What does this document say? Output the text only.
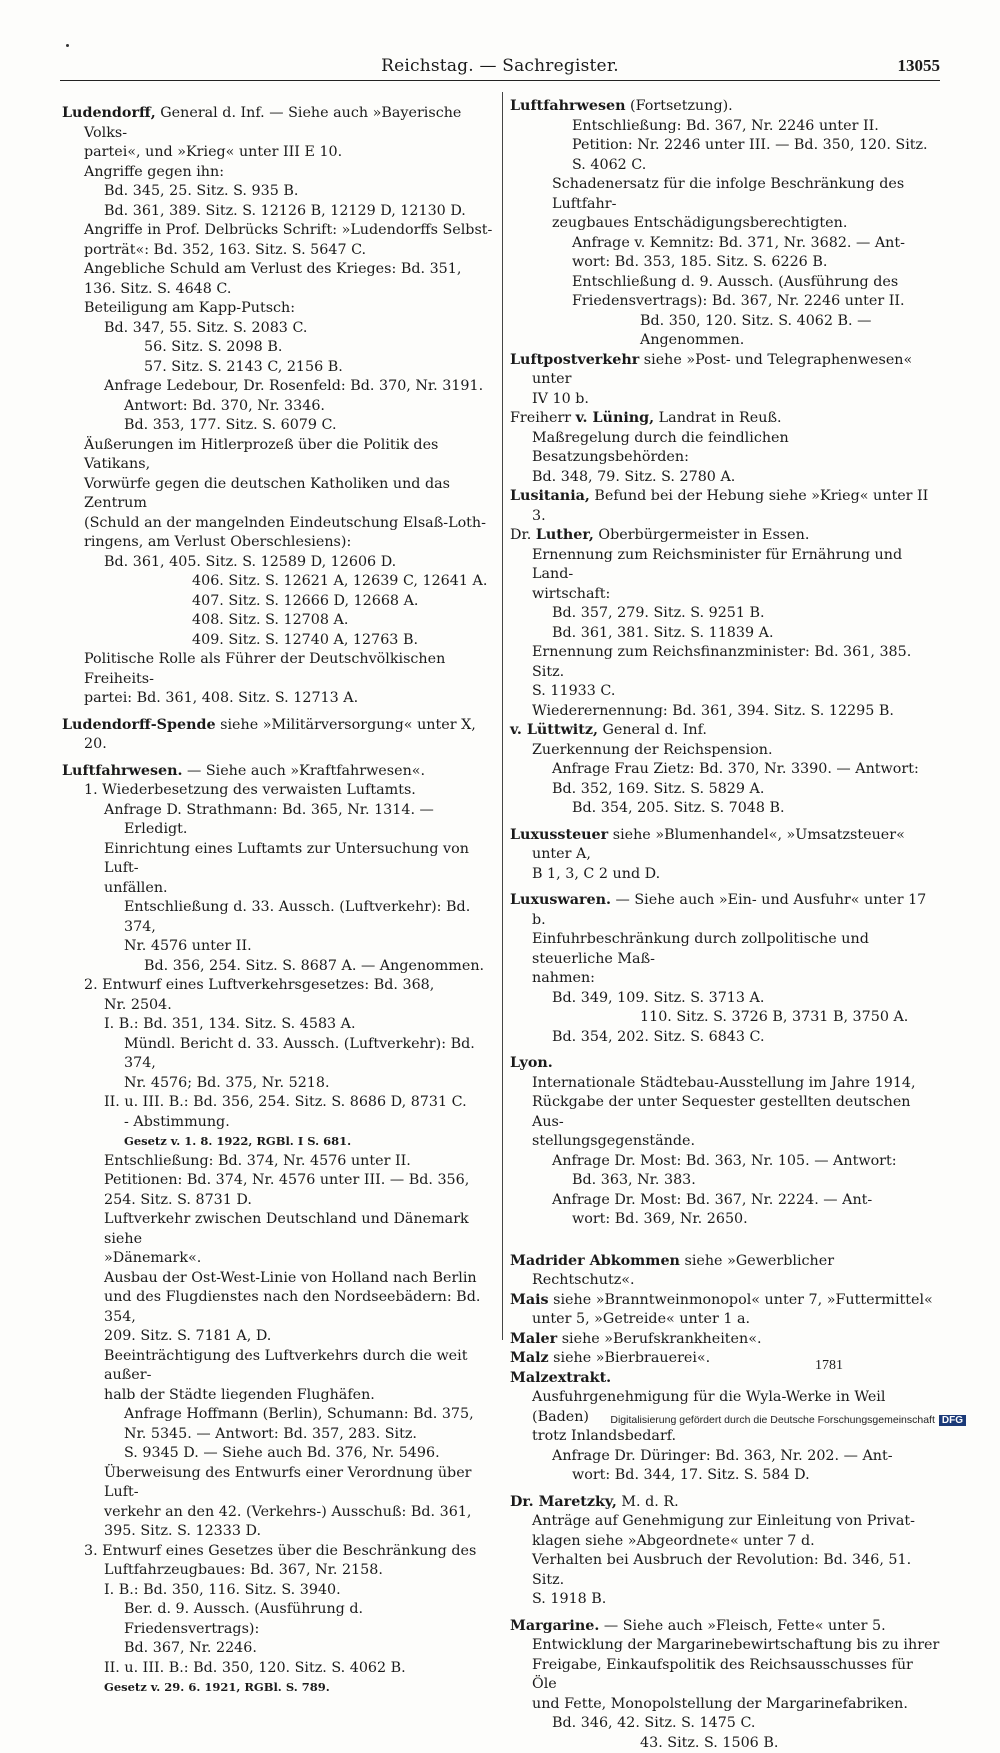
Reichstag. — Sachregister.	13055

Ludendorff, General d. Inf. — Siehe auch »Bayerische Volks-

partei«, und »Krieg« unter III E 10.

Angriffe gegen ihn:

Bd. 345, 25. Sitz. S. 935 B.

Bd. 361, 389. Sitz. S. 12126 B, 12129 D, 12130 D.

Angriffe in Prof. Delbrücks Schrift: »Ludendorffs Selbst-

porträt«: Bd. 352, 163. Sitz. S. 5647 C.

Angebliche Schuld am Verlust des Krieges: Bd. 351,

136. Sitz. S. 4648 C.

Beteiligung am Kapp-Putsch:

Bd. 347, 55. Sitz. S. 2083 C.

56. Sitz. S. 2098 B.

57. Sitz. S. 2143 C, 2156 B.

Anfrage Ledebour, Dr. Rosenfeld: Bd. 370, Nr. 3191.

Antwort: Bd. 370, Nr. 3346.

Bd. 353, 177. Sitz. S. 6079 C.

Äußerungen im Hitlerprozeß über die Politik des Vatikans,

Vorwürfe gegen die deutschen Katholiken und das Zentrum

(Schuld an der mangelnden Eindeutschung Elsaß-Loth-

ringens, am Verlust Oberschlesiens):

Bd. 361, 405. Sitz. S. 12589 D, 12606 D.

406. Sitz. S. 12621 A, 12639 C, 12641 A.

407. Sitz. S. 12666 D, 12668 A.

408. Sitz. S. 12708 A.

409. Sitz. S. 12740 A, 12763 B.

Politische Rolle als Führer der Deutschvölkischen Freiheits-

partei: Bd. 361, 408. Sitz. S. 12713 A.

Ludendorff-Spende siehe »Militärversorgung« unter X, 20.

Luftfahrwesen. — Siehe auch »Kraftfahrwesen«.

1. Wiederbesetzung des verwaisten Luftamts.

Anfrage D. Strathmann: Bd. 365, Nr. 1314. —

Erledigt.

Einrichtung eines Luftamts zur Untersuchung von Luft-

unfällen.

Entschließung d. 33. Aussch. (Luftverkehr): Bd. 374,

Nr. 4576 unter II.

Bd. 356, 254. Sitz. S. 8687 A. — Angenommen.

2. Entwurf eines Luftverkehrsgesetzes: Bd. 368,

Nr. 2504.

I. B.: Bd. 351, 134. Sitz. S. 4583 A.

Mündl. Bericht d. 33. Aussch. (Luftverkehr): Bd. 374,

Nr. 4576; Bd. 375, Nr. 5218.

II. u. III. B.: Bd. 356, 254. Sitz. S. 8686 D, 8731 C.

- Abstimmung.

Gesetz v. 1. 8. 1922, RGBl. I S. 681.

Entschließung: Bd. 374, Nr. 4576 unter II.

Petitionen: Bd. 374, Nr. 4576 unter III. — Bd. 356,

254. Sitz. S. 8731 D.

Luftverkehr zwischen Deutschland und Dänemark siehe

»Dänemark«.

Ausbau der Ost-West-Linie von Holland nach Berlin

und des Flugdienstes nach den Nordseebädern: Bd. 354,

209. Sitz. S. 7181 A, D.

Beeinträchtigung des Luftverkehrs durch die weit außer-

halb der Städte liegenden Flughäfen.

Anfrage Hoffmann (Berlin), Schumann: Bd. 375,

Nr. 5345. — Antwort: Bd. 357, 283. Sitz.

S. 9345 D. — Siehe auch Bd. 376, Nr. 5496.

Überweisung des Entwurfs einer Verordnung über Luft-

verkehr an den 42. (Verkehrs-) Ausschuß: Bd. 361,

395. Sitz. S. 12333 D.

3. Entwurf eines Gesetzes über die Beschränkung des

Luftfahrzeugbaues: Bd. 367, Nr. 2158.

I. B.: Bd. 350, 116. Sitz. S. 3940.

Ber. d. 9. Aussch. (Ausführung d. Friedensvertrags):

Bd. 367, Nr. 2246.

II. u. III. B.: Bd. 350, 120. Sitz. S. 4062 B.

Gesetz v. 29. 6. 1921, RGBl. S. 789.

Luftfahrwesen (Fortsetzung).

Entschließung: Bd. 367, Nr. 2246 unter II.

Petition: Nr. 2246 unter III. — Bd. 350, 120. Sitz.

S. 4062 C.

Schadenersatz für die infolge Beschränkung des Luftfahr-

zeugbaues Entschädigungsberechtigten.

Anfrage v. Kemnitz: Bd. 371, Nr. 3682. — Ant-

wort: Bd. 353, 185. Sitz. S. 6226 B.

Entschließung d. 9. Aussch. (Ausführung des

Friedensvertrags): Bd. 367, Nr. 2246 unter II.

Bd. 350, 120. Sitz. S. 4062 B. — Angenommen.

Luftpostverkehr siehe »Post- und Telegraphenwesen« unter

IV 10 b.

Freiherr v. Lüning, Landrat in Reuß.

Maßregelung durch die feindlichen Besatzungsbehörden:

Bd. 348, 79. Sitz. S. 2780 A.

Lusitania, Befund bei der Hebung siehe »Krieg« unter II 3.

Dr. Luther, Oberbürgermeister in Essen.

Ernennung zum Reichsminister für Ernährung und Land-

wirtschaft:

Bd. 357, 279. Sitz. S. 9251 B.

Bd. 361, 381. Sitz. S. 11839 A.

Ernennung zum Reichsfinanzminister: Bd. 361, 385. Sitz.

S. 11933 C.

Wiederernennung: Bd. 361, 394. Sitz. S. 12295 B.

v. Lüttwitz, General d. Inf.

Zuerkennung der Reichspension.

Anfrage Frau Zietz: Bd. 370, Nr. 3390. — Antwort:

Bd. 352, 169. Sitz. S. 5829 A.

Bd. 354, 205. Sitz. S. 7048 B.

Luxussteuer siehe »Blumenhandel«, »Umsatzsteuer« unter A,

B 1, 3, C 2 und D.

Luxuswaren. — Siehe auch »Ein- und Ausfuhr« unter 17 b.

Einfuhrbeschränkung durch zollpolitische und steuerliche Maß-

nahmen:

Bd. 349, 109. Sitz. S. 3713 A.

110. Sitz. S. 3726 B, 3731 B, 3750 A.

Bd. 354, 202. Sitz. S. 6843 C.

Lyon.

Internationale Städtebau-Ausstellung im Jahre 1914,

Rückgabe der unter Sequester gestellten deutschen Aus-

stellungsgegenstände.

Anfrage Dr. Most: Bd. 363, Nr. 105. — Antwort:

Bd. 363, Nr. 383.

Anfrage Dr. Most: Bd. 367, Nr. 2224. — Ant-

wort: Bd. 369, Nr. 2650.

Madrider Abkommen siehe »Gewerblicher Rechtschutz«.

Mais siehe »Branntweinmonopol« unter 7, »Futtermittel«

unter 5, »Getreide« unter 1 a.

Maler siehe »Berufskrankheiten«.

Malz siehe »Bierbrauerei«.

Malzextrakt.

Ausfuhrgenehmigung für die Wyla-Werke in Weil (Baden)

trotz Inlandsbedarf.

Anfrage Dr. Düringer: Bd. 363, Nr. 202. — Ant-

wort: Bd. 344, 17. Sitz. S. 584 D.

Dr. Maretzky, M. d. R.

Anträge auf Genehmigung zur Einleitung von Privat-

klagen siehe »Abgeordnete« unter 7 d.

Verhalten bei Ausbruch der Revolution: Bd. 346, 51. Sitz.

S. 1918 B.

Margarine. — Siehe auch »Fleisch, Fette« unter 5.

Entwicklung der Margarinebewirtschaftung bis zu ihrer

Freigabe, Einkaufspolitik des Reichsausschusses für Öle

und Fette, Monopolstellung der Margarinefabriken.

Bd. 346, 42. Sitz. S. 1475 C.

43. Sitz. S. 1506 B.

1781
Digitalisierung gefördert durch die Deutsche Forschungsgemeinschaft DFG
